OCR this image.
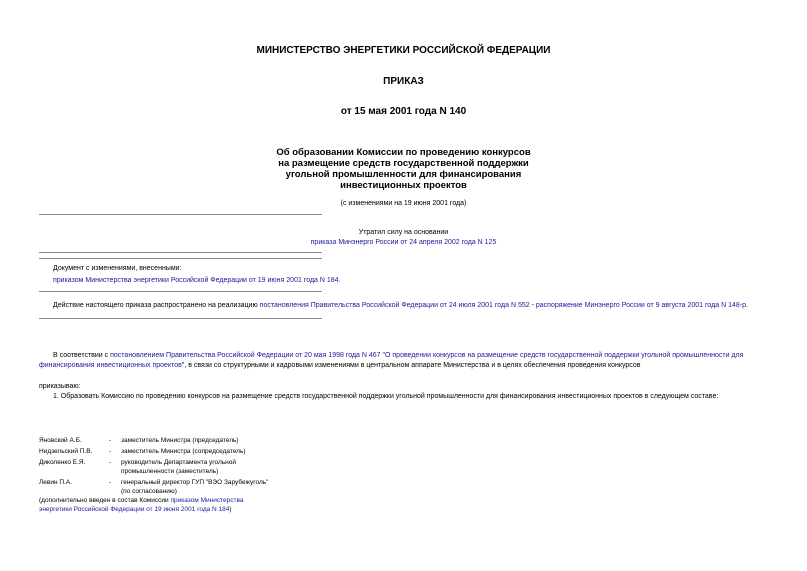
МИНИСТЕРСТВО ЭНЕРГЕТИКИ РОССИЙСКОЙ ФЕДЕРАЦИИ
ПРИКАЗ
от 15 мая 2001 года N 140
Об образовании Комиссии по проведению конкурсов
на размещение средств государственной поддержки
угольной промышленности для финансирования
инвестиционных проектов
(с изменениями на 19 июня 2001 года)
Утратил силу на основании
приказа Минэнерго России от 24 апреля 2002 года N 125
Документ с изменениями, внесенными:
приказом Министерства энергетики Российской Федерации от 19 июня 2001 года N 184.
Действие настоящего приказа распространено на реализацию постановления Правительства Российской Федерации от 24 июля 2001 года N 552 - распоряжение Минэнерго России от 9 августа 2001 года N 148-р.
В соответствии с постановлением Правительства Российской Федерации от 20 мая 1998 года N 467 "О проведении конкурсов на размещение средств государственной поддержки угольной промышленности для
финансирования инвестиционных проектов", в связи со структурными и кадровыми изменениями в центральном аппарате Министерства и в целях обеспечения проведения конкурсов
приказываю:
1. Образовать Комиссию по проведению конкурсов на размещение средств государственной поддержки угольной промышленности для финансирования инвестиционных проектов в следующем составе:
Яновский А.Б.	-	заместитель Министра (председатель)

Нидзельский П.В.	-	заместитель Министра (сопредседатель)

Диколенко Е.Я.	-	руководитель Департамента угольной
промышленности (заместитель)

Левин П.А.	-	генеральный директор ГУП "ВЭО Зарубежуголь"
(по согласованию)
(дополнительно введен в состав Комиссии приказом Министерства
энергетики Российской Федерации от 19 июня 2001 года N 184)
